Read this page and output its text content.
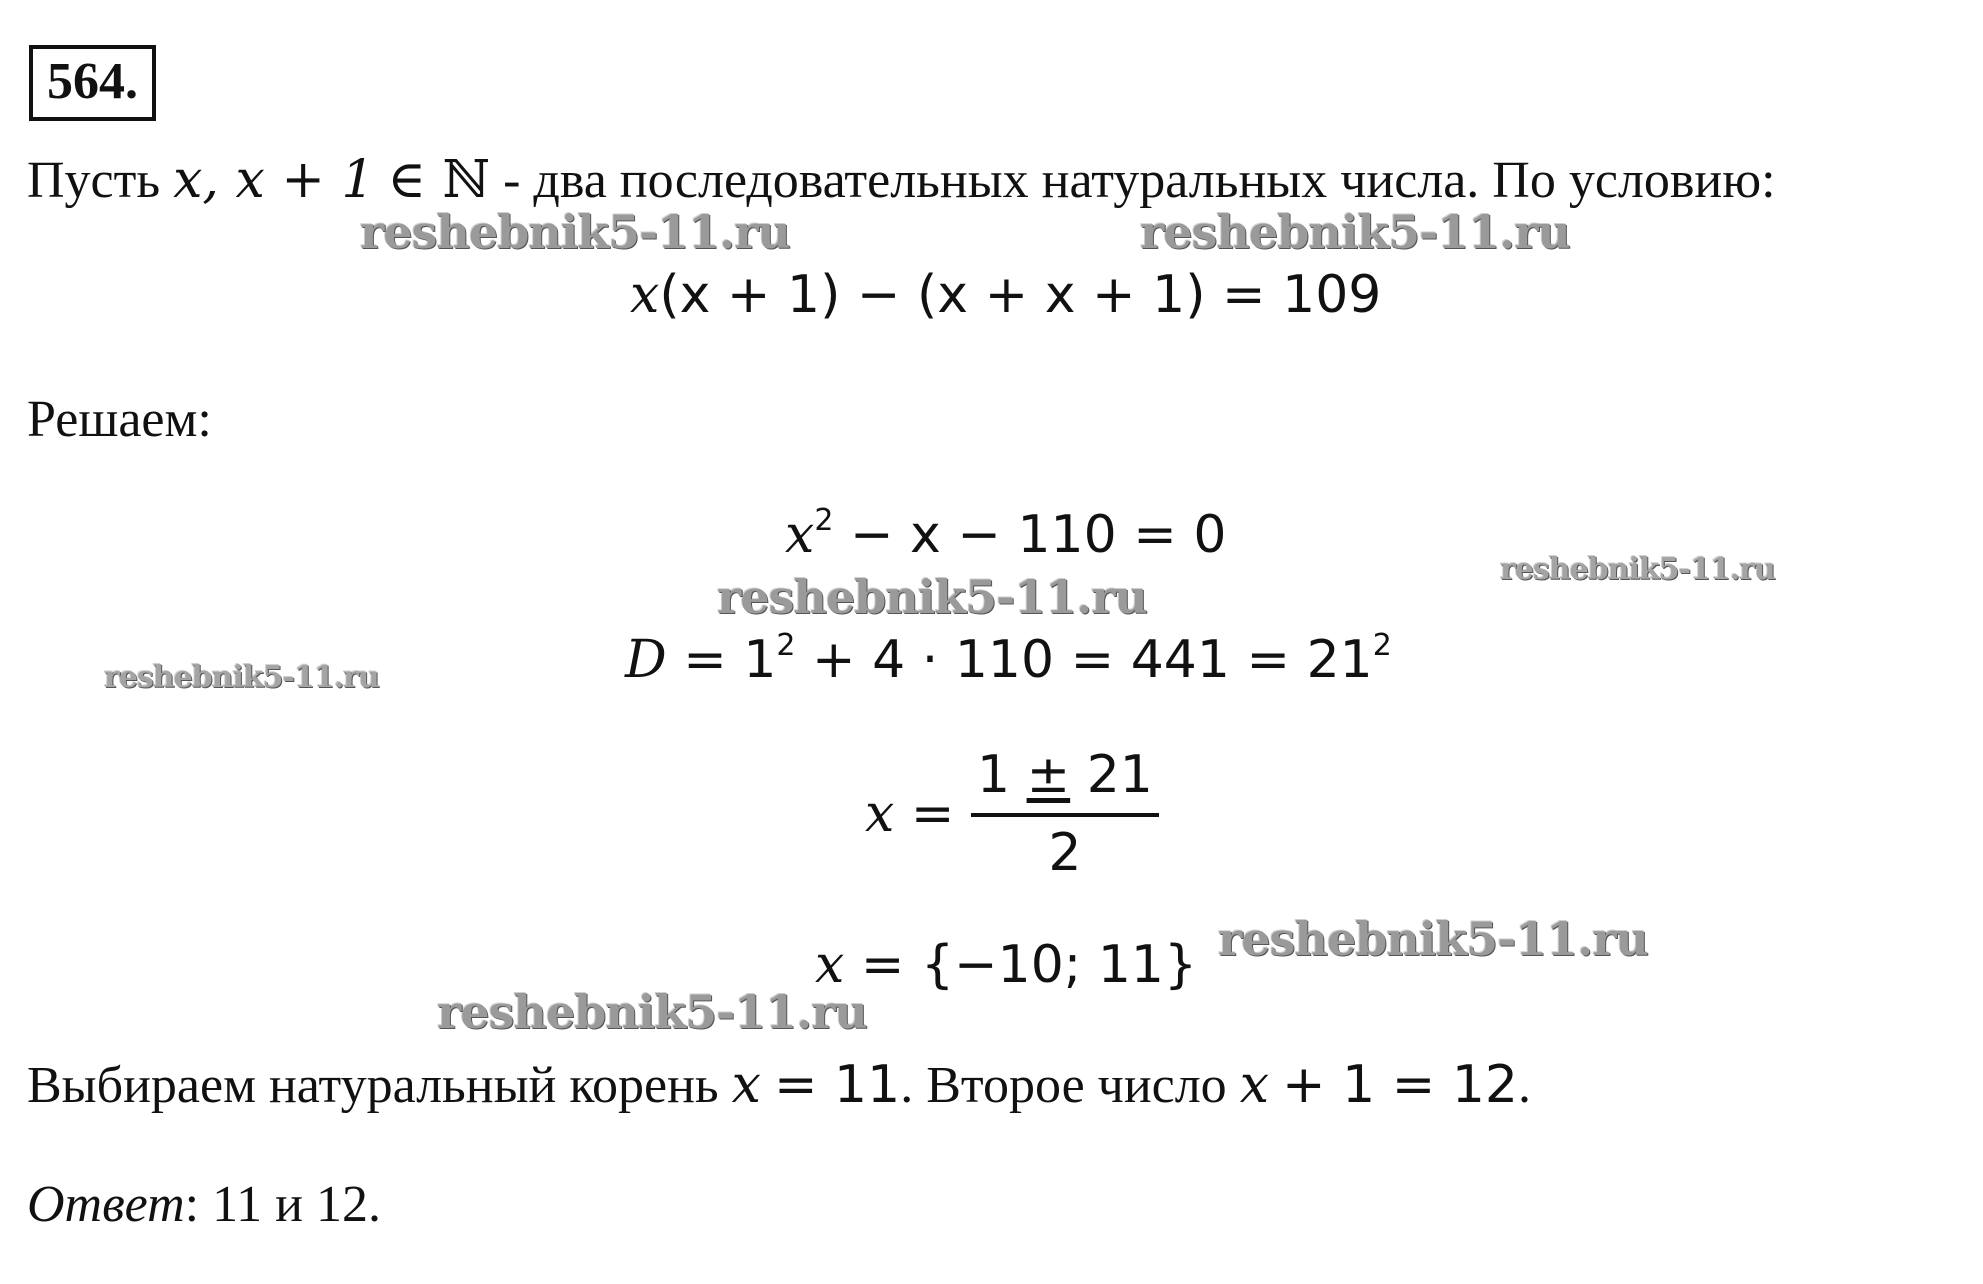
564.
Пусть x, x + 1 ∈ ℕ - два последовательных натуральных числа. По условию:
x(x + 1) − (x + x + 1) = 109
Решаем:
$x^2 - x - 110 = 0$
$D = 1^2 + 4 \cdot 110 = 441 = 21^2$
$x = \frac{1 \pm 21}{2}$
x = {−10; 11}
Выбираем натуральный корень x = 11. Второе число x + 1 = 12.
Ответ: 11 и 12.
reshebnik5-11.ru	reshebnik5-11.ru
reshebnik5-11.ru
reshebnik5-11.ru
reshebnik5-11.ru
reshebnik5-11.ru
reshebnik5-11.ru
